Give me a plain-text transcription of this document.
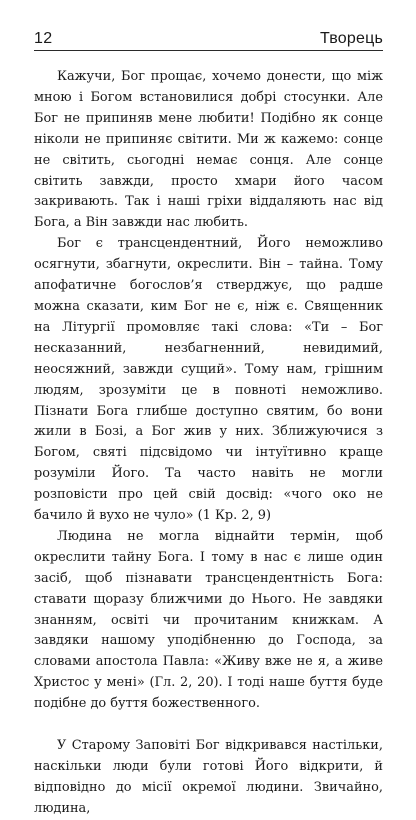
12	Творець

Кажучи, Бог прощає, хочемо донести, що між мною і Богом встановилися добрі стосунки. Але Бог не припиняв мене любити! Подібно як сонце ніколи не припиняє світити. Ми ж кажемо: сонце не світить, сьогодні немає сонця. Але сонце світить завжди, просто хмари його часом закривають. Так і наші гріхи віддаляють нас від Бога, а Він завжди нас любить.

Бог є трансцендентний, Його неможливо осягнути, збагнути, окреслити. Він – тайна. Тому апофатичне богослов’я стверджує, що радше можна сказати, ким Бог не є, ніж є. Священник на Літургії промовляє такі слова: «Ти – Бог несказанний, незбагненний, невидимий, неосяжний, завжди сущий». Тому нам, грішним людям, зрозуміти це в повноті неможливо. Пізнати Бога глибше доступно святим, бо вони жили в Бозі, а Бог жив у них. Зближуючися з Богом, святі підсвідомо чи інтуїтивно краще розуміли Його. Та часто навіть не могли розповісти про цей свій досвід: «чого око не бачило й вухо не чуло» (1 Кр. 2, 9)

Людина не могла віднайти термін, щоб окреслити тайну Бога. І тому в нас є лише один засіб, щоб пізнавати трансцендентність Бога: ставати щоразу ближчими до Нього. Не завдяки знанням, освіті чи прочитаним книжкам. А завдяки нашому уподібненню до Господа, за словами апостола Павла: «Живу вже не я, а живе Христос у мені» (Гл. 2, 20). І тоді наше буття буде подібне до буття божественного.

У Старому Заповіті Бог відкривався настільки, наскільки люди були готові Його відкрити, й відповідно до місії окремої людини. Звичайно, людина,
